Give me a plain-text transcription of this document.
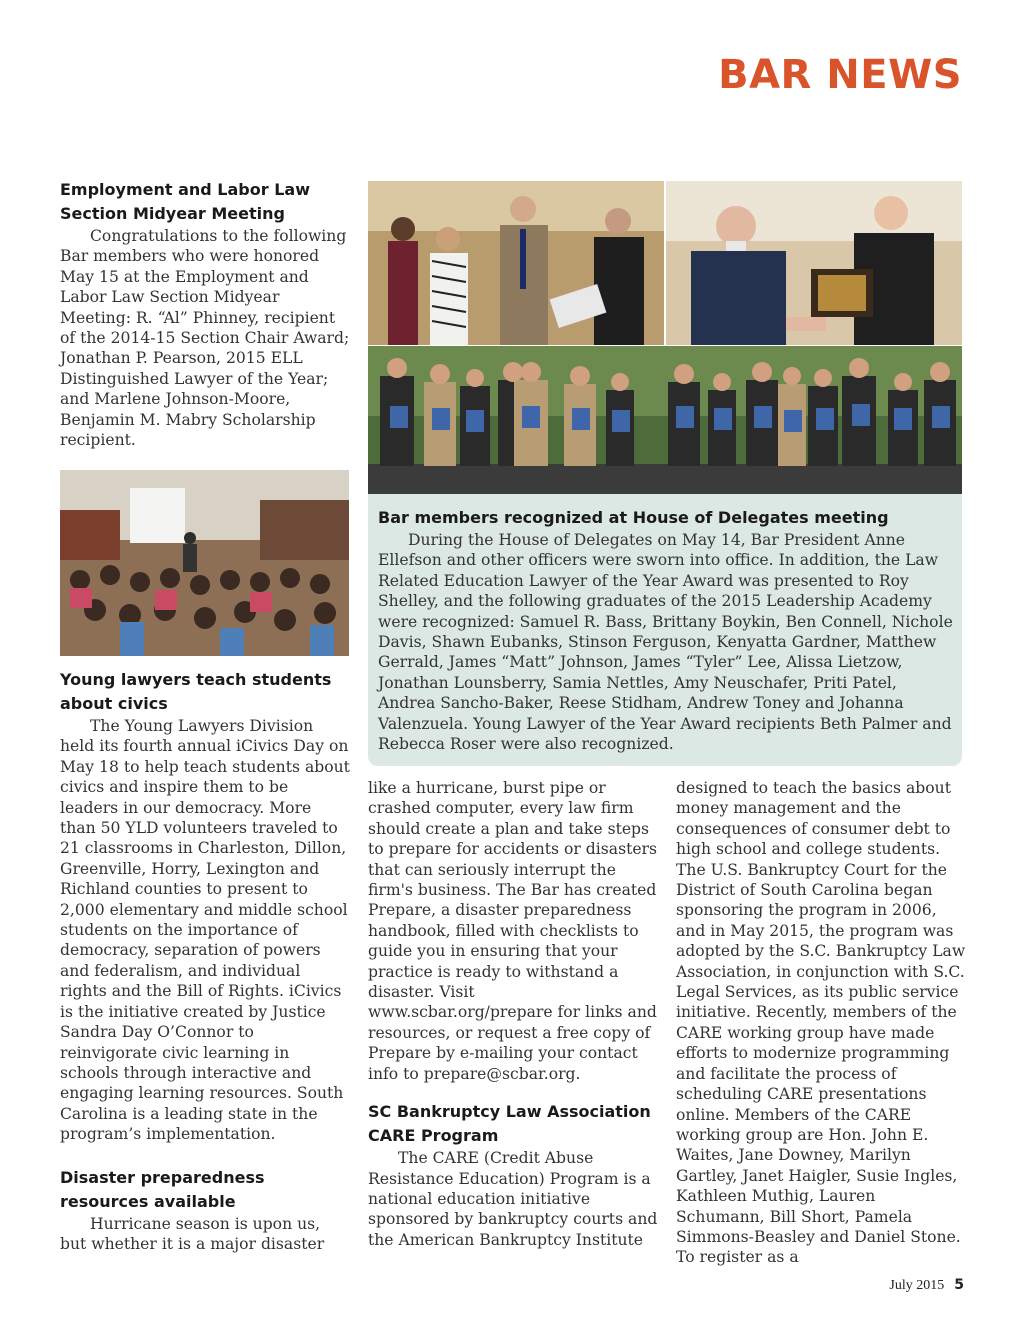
BAR NEWS
Employment and Labor Law Section Midyear Meeting

Congratulations to the following Bar members who were honored May 15 at the Employment and Labor Law Section Midyear Meeting: R. “Al” Phinney, recipient of the 2014-15 Section Chair Award; Jonathan P. Pearson, 2015 ELL Distinguished Lawyer of the Year; and Marlene Johnson-Moore, Benjamin M. Mabry Scholarship recipient.

Young lawyers teach students about civics

The Young Lawyers Division held its fourth annual iCivics Day on May 18 to help teach students about civics and inspire them to be leaders in our democracy. More than 50 YLD volunteers traveled to 21 classrooms in Charleston, Dillon, Greenville, Horry, Lexington and Richland counties to present to 2,000 elementary and middle school students on the importance of democracy, separation of powers and federalism, and individual rights and the Bill of Rights. iCivics is the initiative created by Justice Sandra Day O’Connor to reinvigorate civic learning in schools through interactive and engaging learning resources. South Carolina is a leading state in the program’s implementation.

Disaster preparedness resources available

Hurricane season is upon us, but whether it is a major disaster

Bar members recognized at House of Delegates meeting

During the House of Delegates on May 14, Bar President Anne Ellefson and other officers were sworn into office. In addition, the Law Related Education Lawyer of the Year Award was presented to Roy Shelley, and the following graduates of the 2015 Leadership Academy were recognized: Samuel R. Bass, Brittany Boykin, Ben Connell, Nichole Davis, Shawn Eubanks, Stinson Ferguson, Kenyatta Gardner, Matthew Gerrald, James “Matt” Johnson, James “Tyler” Lee, Alissa Lietzow, Jonathan Lounsberry, Samia Nettles, Amy Neuschafer, Priti Patel, Andrea Sancho-Baker, Reese Stidham, Andrew Toney and Johanna Valenzuela. Young Lawyer of the Year Award recipients Beth Palmer and Rebecca Roser were also recognized.

like a hurricane, burst pipe or crashed computer, every law firm should create a plan and take steps to prepare for accidents or disasters that can seriously interrupt the firm's business. The Bar has created Prepare, a disaster preparedness handbook, filled with checklists to guide you in ensuring that your practice is ready to withstand a disaster. Visit www.scbar.org/prepare for links and resources, or request a free copy of Prepare by e-mailing your contact info to prepare@scbar.org.

SC Bankruptcy Law Association CARE Program

The CARE (Credit Abuse Resistance Education) Program is a national education initiative sponsored by bankruptcy courts and the American Bankruptcy Institute

designed to teach the basics about money management and the consequences of consumer debt to high school and college students. The U.S. Bankruptcy Court for the District of South Carolina began sponsoring the program in 2006, and in May 2015, the program was adopted by the S.C. Bankruptcy Law Association, in conjunction with S.C. Legal Services, as its public service initiative. Recently, members of the CARE working group have made efforts to modernize programming and facilitate the process of scheduling CARE presentations online. Members of the CARE working group are Hon. John E. Waites, Jane Downey, Marilyn Gartley, Janet Haigler, Susie Ingles, Kathleen Muthig, Lauren Schumann, Bill Short, Pamela Simmons-Beasley and Daniel Stone. To register as a

July 2015 5
